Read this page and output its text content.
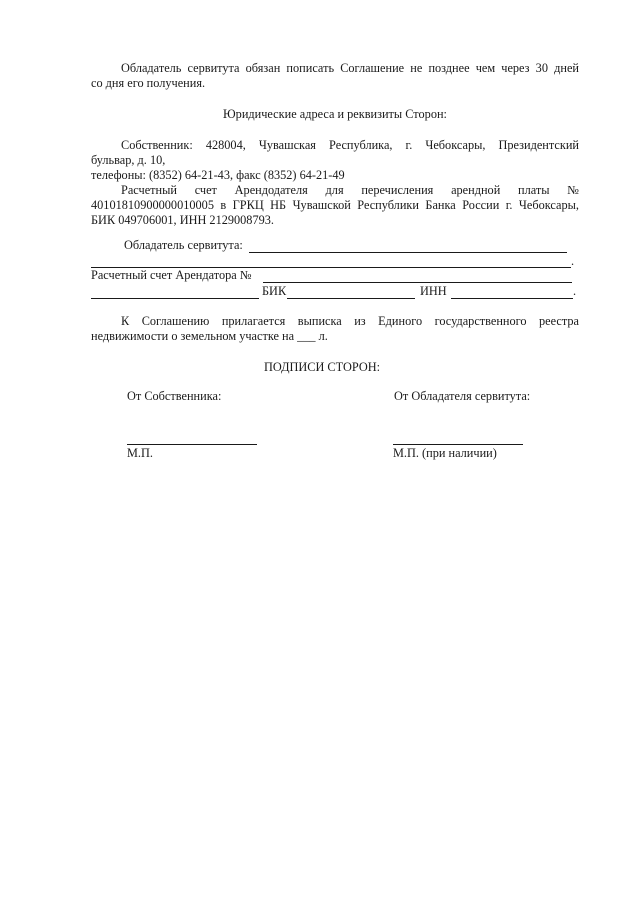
Обладатель сервитута обязан пописать Соглашение не позднее чем через 30 дней
со дня его получения.
Юридические адреса и реквизиты Сторон:
Собственник: 428004, Чувашская Республика, г. Чебоксары, Президентский
бульвар, д. 10,
телефоны: (8352) 64-21-43, факс (8352) 64-21-49
Расчетный счет Арендодателя для перечисления арендной платы №
40101810900000010005 в ГРКЦ НБ Чувашской Республики Банка России г. Чебоксары,
БИК 049706001, ИНН 2129008793.
Обладатель сервитута:
.
Расчетный счет Арендатора №
БИК	ИНН	.
К Соглашению прилагается выписка из Единого государственного реестра
недвижимости о земельном участке на ___ л.
ПОДПИСИ СТОРОН:
От Собственника:	От Обладателя сервитута:
М.П.	М.П. (при наличии)
